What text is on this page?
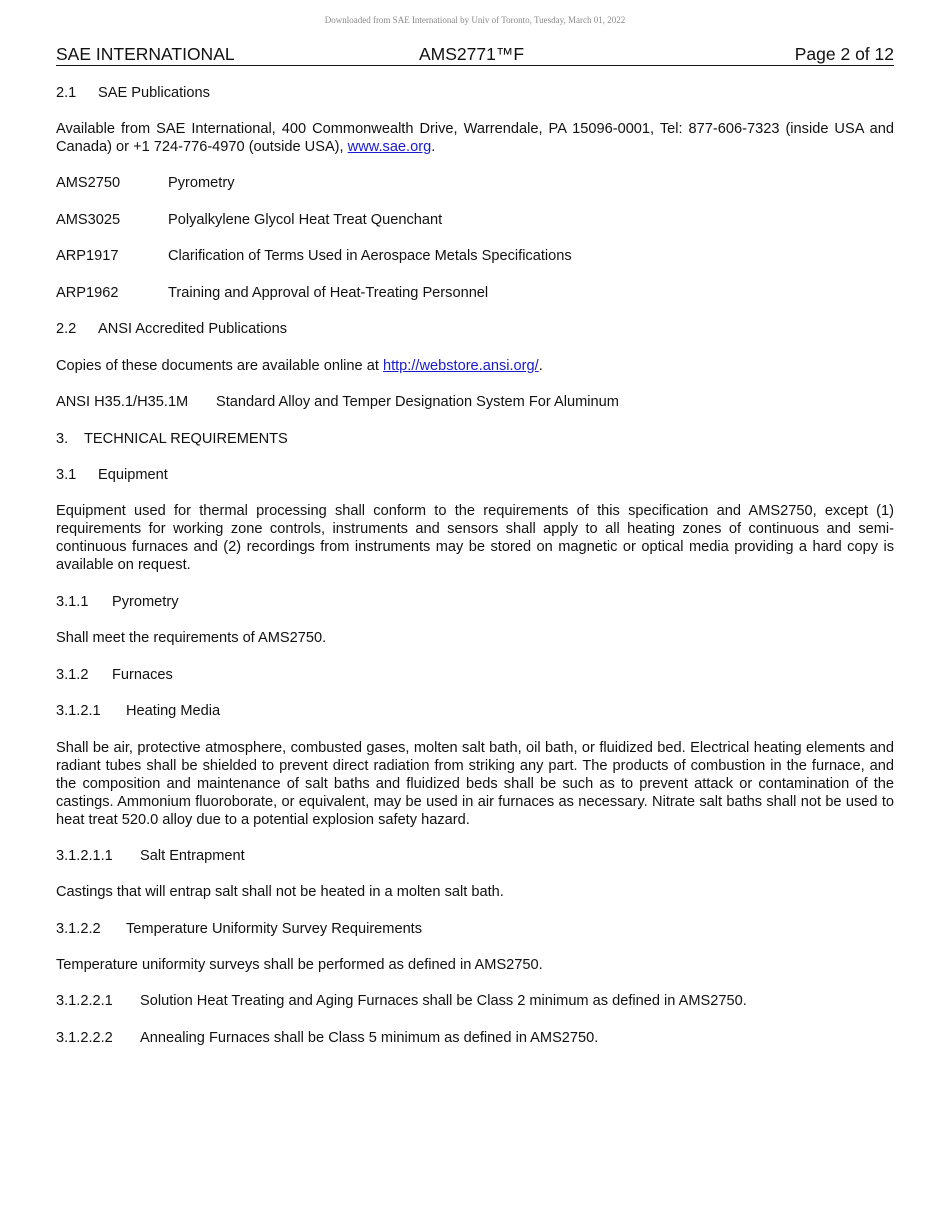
Downloaded from SAE International by Univ of Toronto, Tuesday, March 01, 2022
SAE INTERNATIONAL	AMS2771™F	Page 2 of 12
2.1 SAE Publications
Available from SAE International, 400 Commonwealth Drive, Warrendale, PA 15096-0001, Tel: 877-606-7323 (inside USA and Canada) or +1 724-776-4970 (outside USA), www.sae.org.
AMS2750	Pyrometry
AMS3025	Polyalkylene Glycol Heat Treat Quenchant
ARP1917	Clarification of Terms Used in Aerospace Metals Specifications
ARP1962	Training and Approval of Heat-Treating Personnel
2.2 ANSI Accredited Publications
Copies of these documents are available online at http://webstore.ansi.org/.
ANSI H35.1/H35.1M Standard Alloy and Temper Designation System For Aluminum
3. TECHNICAL REQUIREMENTS
3.1 Equipment
Equipment used for thermal processing shall conform to the requirements of this specification and AMS2750, except (1) requirements for working zone controls, instruments and sensors shall apply to all heating zones of continuous and semi-continuous furnaces and (2) recordings from instruments may be stored on magnetic or optical media providing a hard copy is available on request.
3.1.1 Pyrometry
Shall meet the requirements of AMS2750.
3.1.2 Furnaces
3.1.2.1 Heating Media
Shall be air, protective atmosphere, combusted gases, molten salt bath, oil bath, or fluidized bed. Electrical heating elements and radiant tubes shall be shielded to prevent direct radiation from striking any part. The products of combustion in the furnace, and the composition and maintenance of salt baths and fluidized beds shall be such as to prevent attack or contamination of the castings. Ammonium fluoroborate, or equivalent, may be used in air furnaces as necessary. Nitrate salt baths shall not be used to heat treat 520.0 alloy due to a potential explosion safety hazard.
3.1.2.1.1 Salt Entrapment
Castings that will entrap salt shall not be heated in a molten salt bath.
3.1.2.2 Temperature Uniformity Survey Requirements
Temperature uniformity surveys shall be performed as defined in AMS2750.
3.1.2.2.1 Solution Heat Treating and Aging Furnaces shall be Class 2 minimum as defined in AMS2750.
3.1.2.2.2 Annealing Furnaces shall be Class 5 minimum as defined in AMS2750.
